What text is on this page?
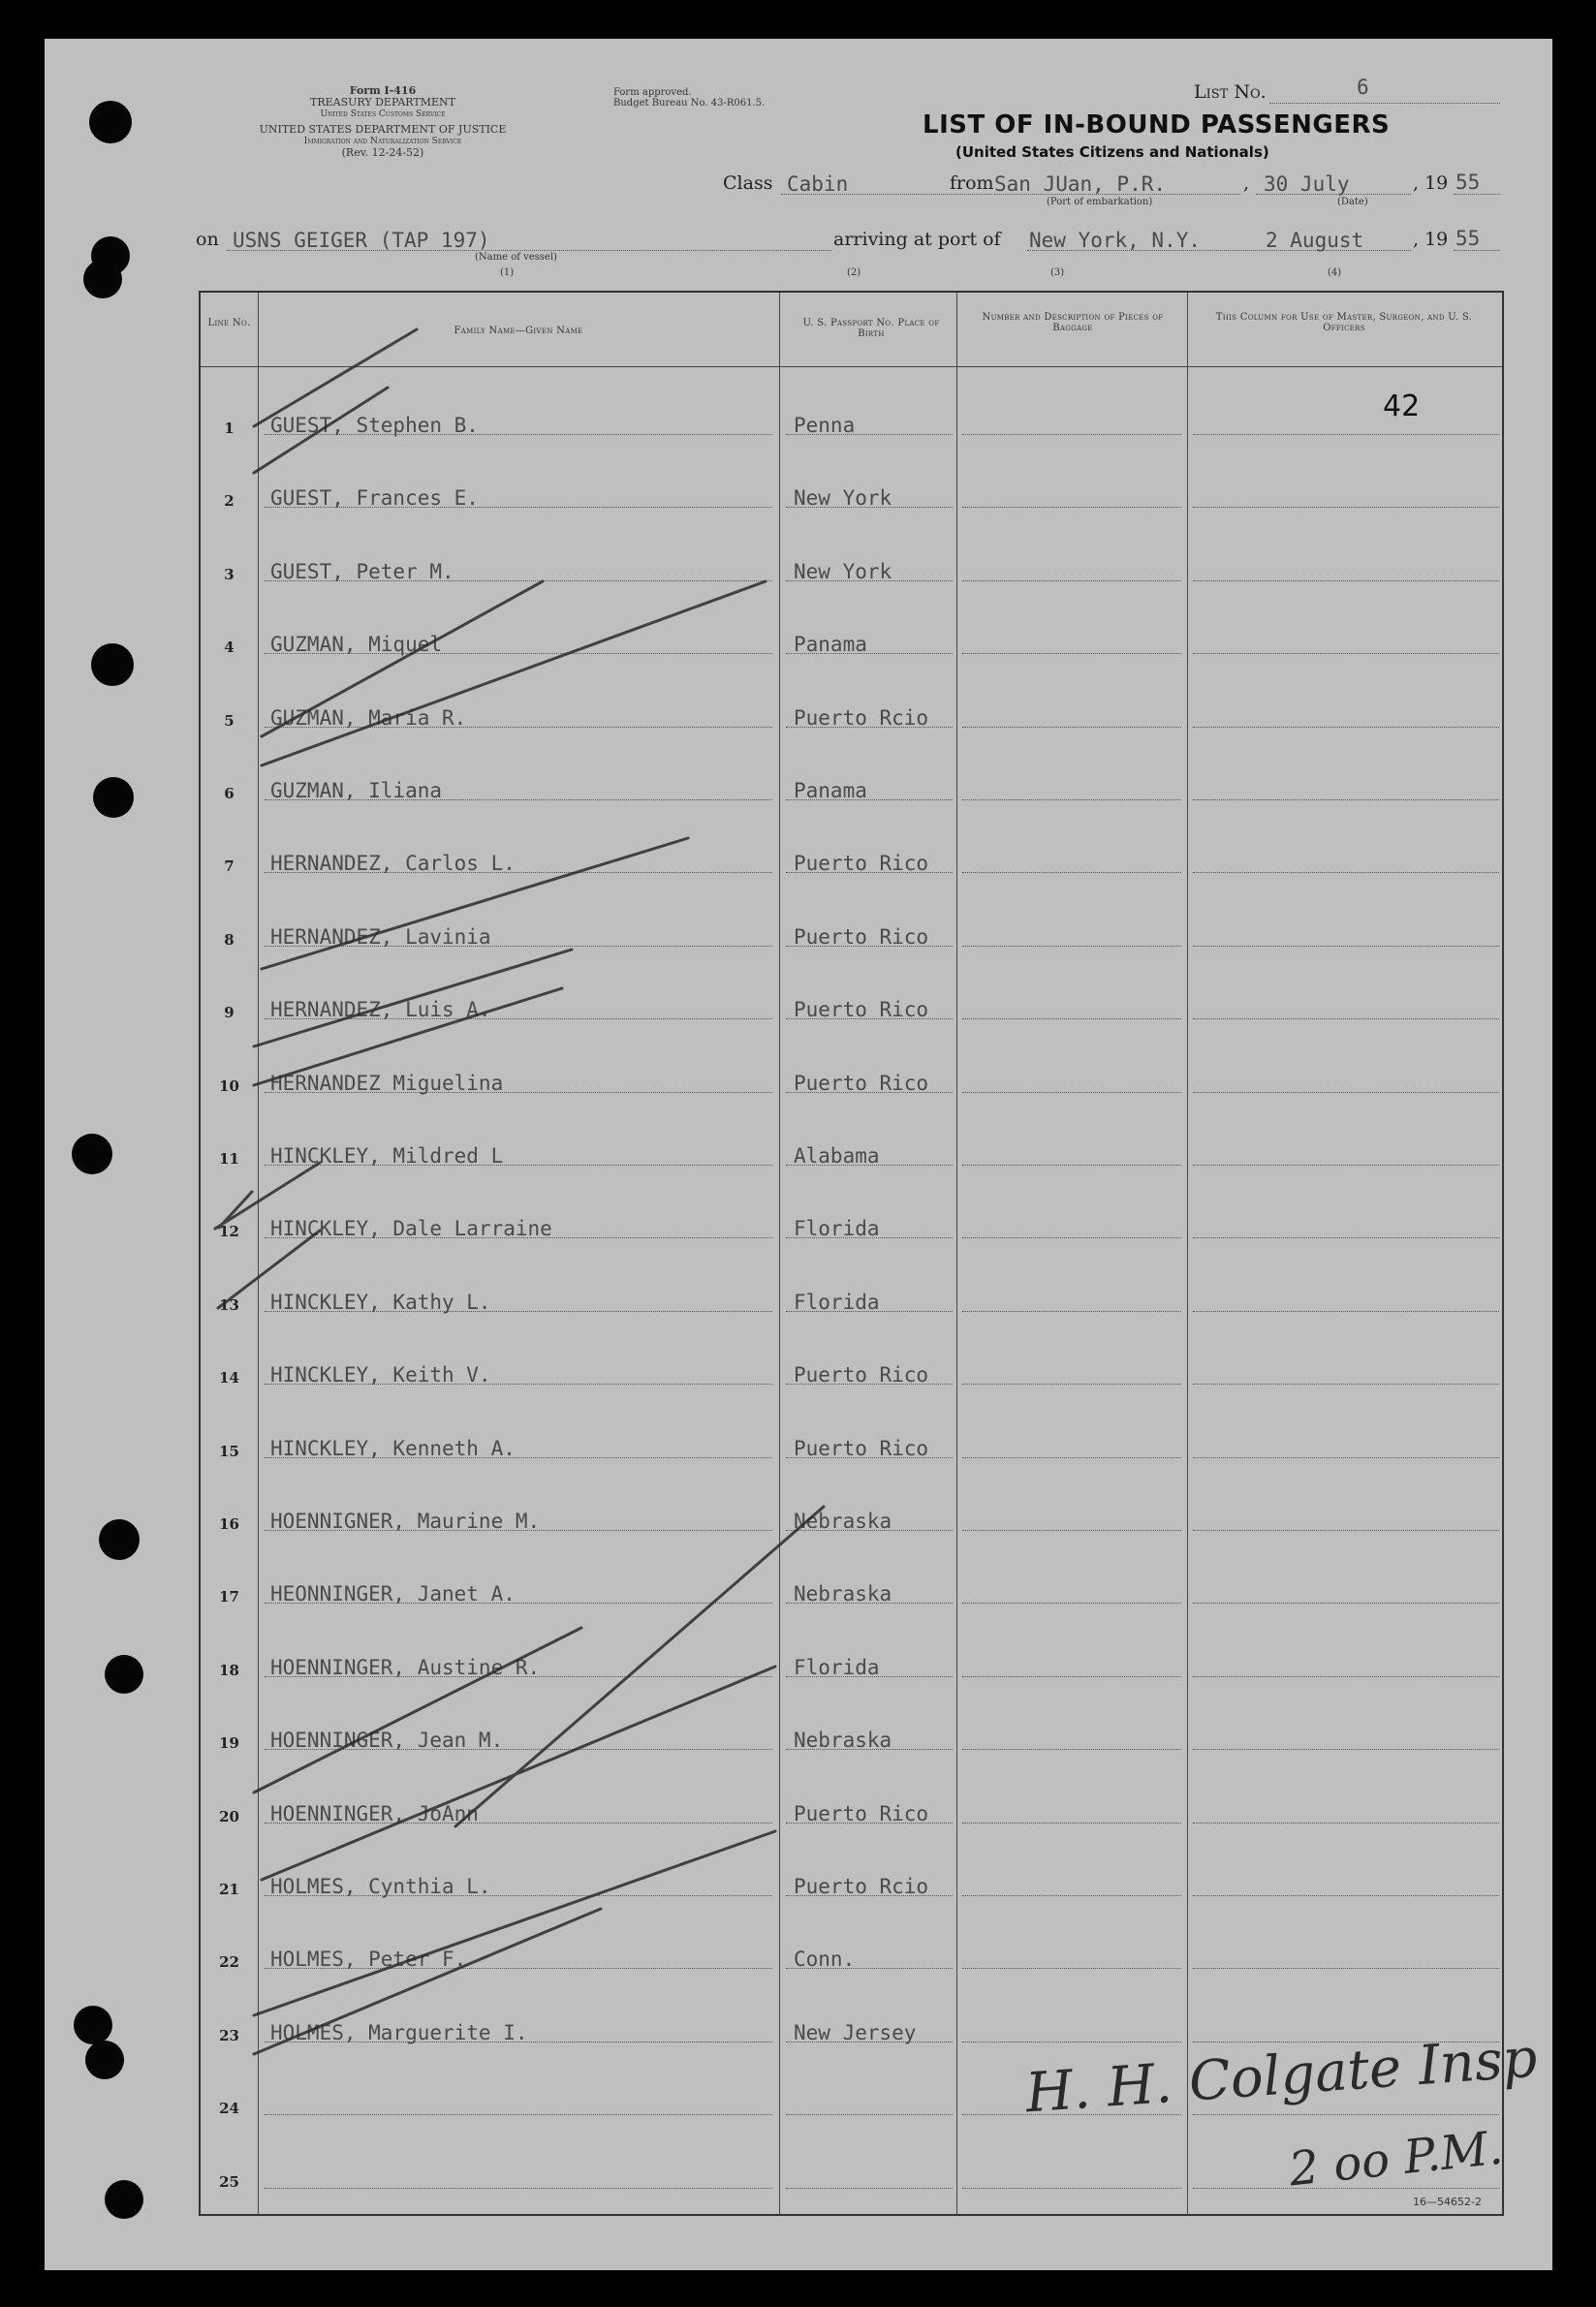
Form I-416
TREASURY DEPARTMENT
United States Customs Service
UNITED STATES DEPARTMENT OF JUSTICE
Immigration and Naturalization Service
(Rev. 12-24-52)
Form approved.
Budget Bureau No. 43-R061.5.
List No.	6
LIST OF IN-BOUND PASSENGERS
(United States Citizens and Nationals)
Class Cabin	from San JUan, P.R.
(Port of embarkation)
, 30 July
(Date)
, 19 55
on USNS GEIGER (TAP 197)
(Name of vessel)
(1)
arriving at port of New York, N.Y.	2 August	, 19 55
(2)	(3)	(4)
Line No.
Family Name—Given Name
U. S. Passport No. Place of Birth
Number and Description of Pieces of Baggage
This Column for Use of Master, Surgeon, and U. S. Officers
42
1	GUEST, Stephen B.	Penna
2	GUEST, Frances E.	New York
3	GUEST, Peter M.	New York
4	GUZMAN, Miquel	Panama
5	GUZMAN, Maria R.	Puerto Rcio
6	GUZMAN, Iliana	Panama
7	HERNANDEZ, Carlos L.	Puerto Rico
8	HERNANDEZ, Lavinia	Puerto Rico
9	HERNANDEZ, Luis A.	Puerto Rico
10	HERNANDEZ Miguelina	Puerto Rico
11	HINCKLEY, Mildred L	Alabama
12	HINCKLEY, Dale Larraine	Florida
13	HINCKLEY, Kathy L.	Florida
14	HINCKLEY, Keith V.	Puerto Rico
15	HINCKLEY, Kenneth A.	Puerto Rico
16	HOENNIGNER, Maurine M.	Nebraska
17	HEONNINGER, Janet A.	Nebraska
18	HOENNINGER, Austine R.	Florida
19	HOENNINGER, Jean M.	Nebraska
20	HOENNINGER, JoAnn	Puerto Rico
21	HOLMES, Cynthia L.	Puerto Rcio
22	HOLMES, Peter F.	Conn.
23	HOLMES, Marguerite I.	New Jersey
24
25
H. H. Colgate Insp
2 oo P.M.
16—54652-2
